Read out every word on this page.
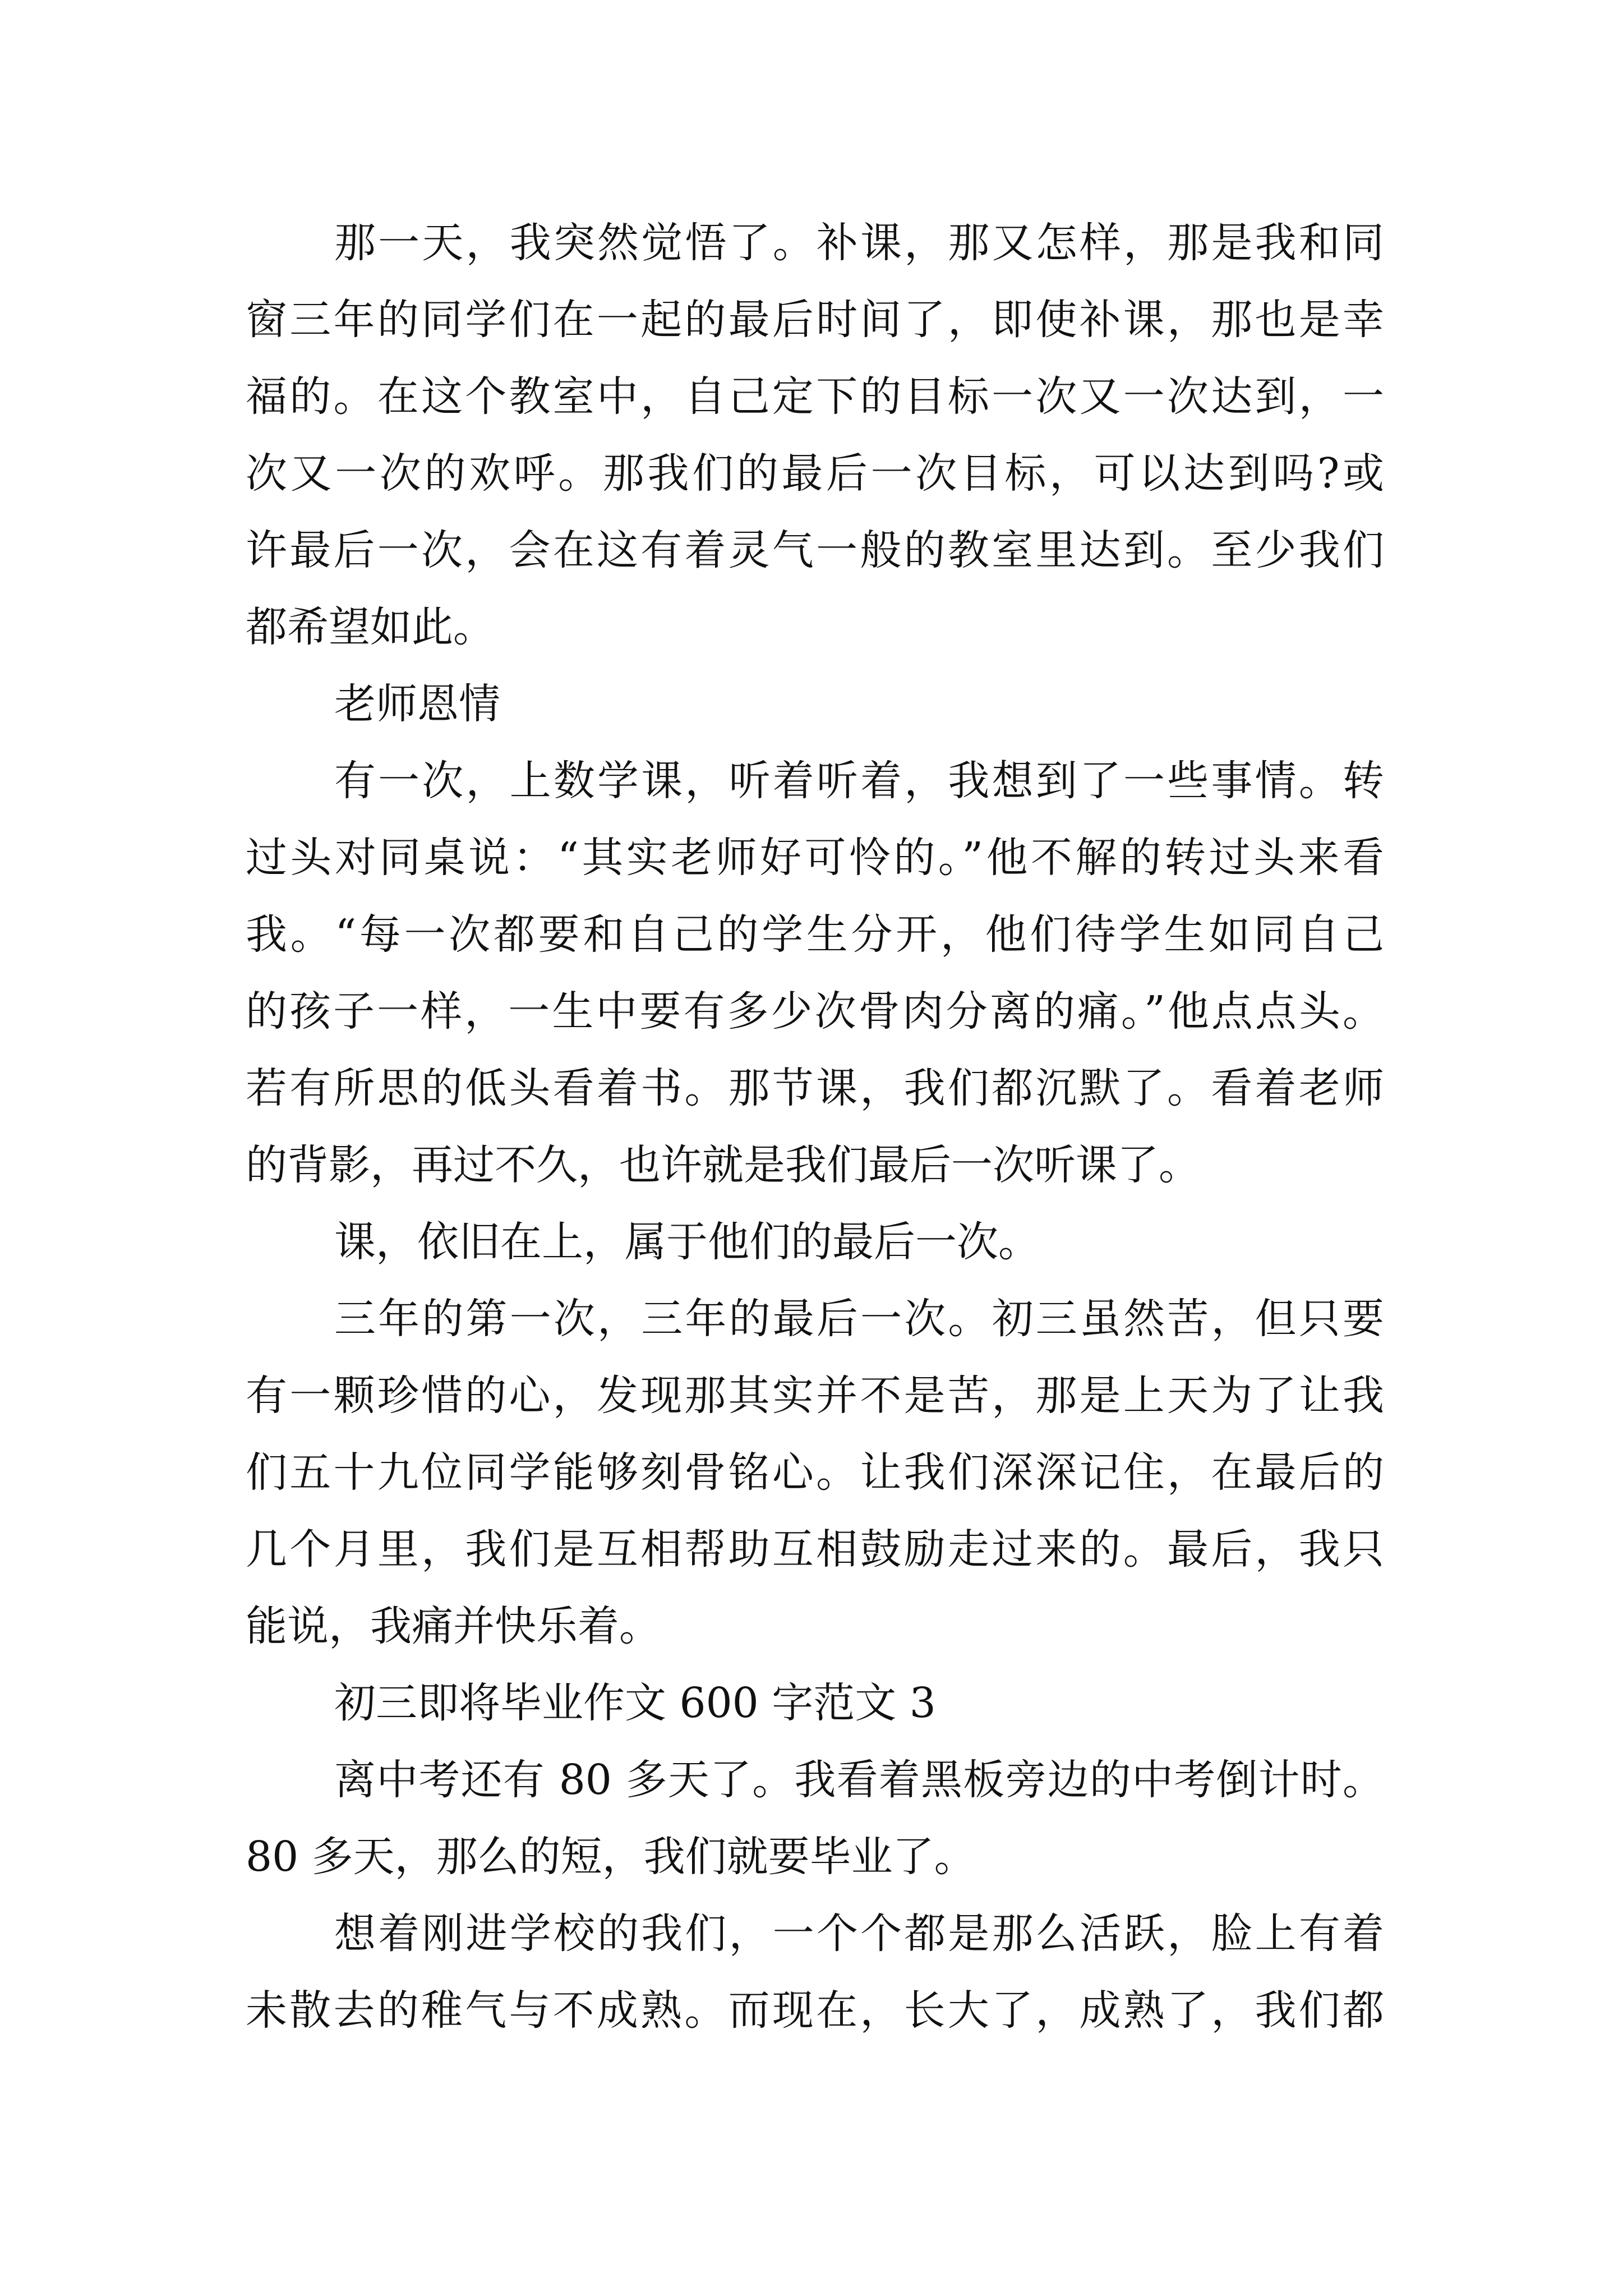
那一天，我突然觉悟了。补课，那又怎样，那是我和同
窗三年的同学们在一起的最后时间了，即使补课，那也是幸
福的。在这个教室中，自己定下的目标一次又一次达到，一
次又一次的欢呼。那我们的最后一次目标，可以达到吗?或
许最后一次，会在这有着灵气一般的教室里达到。至少我们
都希望如此。
老师恩情
有一次，上数学课，听着听着，我想到了一些事情。转
过头对同桌说：“其实老师好可怜的。”他不解的转过头来看
我。“每一次都要和自己的学生分开，他们待学生如同自己
的孩子一样，一生中要有多少次骨肉分离的痛。”他点点头。
若有所思的低头看着书。那节课，我们都沉默了。看着老师
的背影，再过不久，也许就是我们最后一次听课了。
课，依旧在上，属于他们的最后一次。
三年的第一次，三年的最后一次。初三虽然苦，但只要
有一颗珍惜的心，发现那其实并不是苦，那是上天为了让我
们五十九位同学能够刻骨铭心。让我们深深记住，在最后的
几个月里，我们是互相帮助互相鼓励走过来的。最后，我只
能说，我痛并快乐着。
初三即将毕业作文 600 字范文 3
离中考还有 80 多天了。我看着黑板旁边的中考倒计时。
80 多天，那么的短，我们就要毕业了。
想着刚进学校的我们，一个个都是那么活跃，脸上有着
未散去的稚气与不成熟。而现在，长大了，成熟了，我们都
